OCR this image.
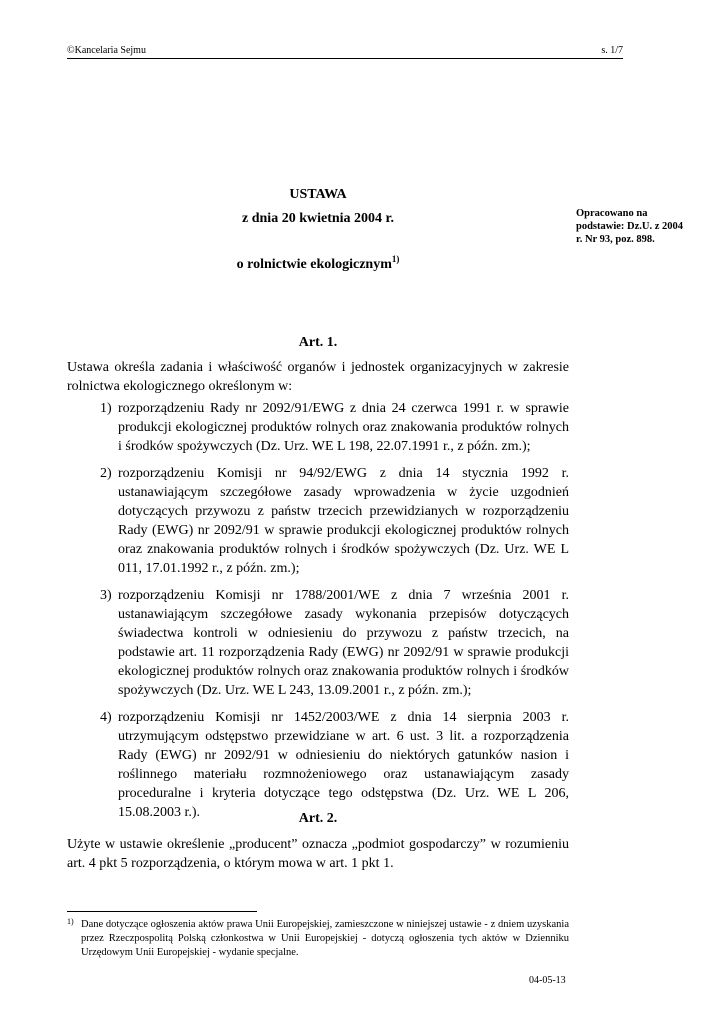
©Kancelaria Sejmu	s. 1/7
USTAWA
z dnia 20 kwietnia 2004 r.
o rolnictwie ekologicznym$^{1)}$
Opracowano na podstawie: Dz.U. z 2004 r. Nr 93, poz. 898.
Art. 1.

Ustawa określa zadania i właściwość organów i jednostek organizacyjnych w zakresie rolnictwa ekologicznego określonym w:

1) rozporządzeniu Rady nr 2092/91/EWG z dnia 24 czerwca 1991 r. w sprawie produkcji ekologicznej produktów rolnych oraz znakowania produktów rolnych i środków spożywczych (Dz. Urz. WE L 198, 22.07.1991 r., z późn. zm.);

2) rozporządzeniu Komisji nr 94/92/EWG z dnia 14 stycznia 1992 r. ustanawiającym szczegółowe zasady wprowadzenia w życie uzgodnień dotyczących przywozu z państw trzecich przewidzianych w rozporządzeniu Rady (EWG) nr 2092/91 w sprawie produkcji ekologicznej produktów rolnych oraz znakowania produktów rolnych i środków spożywczych (Dz. Urz. WE L 011, 17.01.1992 r., z późn. zm.);

3) rozporządzeniu Komisji nr 1788/2001/WE z dnia 7 września 2001 r. ustanawiającym szczegółowe zasady wykonania przepisów dotyczących świadectwa kontroli w odniesieniu do przywozu z państw trzecich, na podstawie art. 11 rozporządzenia Rady (EWG) nr 2092/91 w sprawie produkcji ekologicznej produktów rolnych oraz znakowania produktów rolnych i środków spożywczych (Dz. Urz. WE L 243, 13.09.2001 r., z późn. zm.);

4) rozporządzeniu Komisji nr 1452/2003/WE z dnia 14 sierpnia 2003 r. utrzymującym odstępstwo przewidziane w art. 6 ust. 3 lit. a rozporządzenia Rady (EWG) nr 2092/91 w odniesieniu do niektórych gatunków nasion i roślinnego materiału rozmnożeniowego oraz ustanawiającym zasady proceduralne i kryteria dotyczące tego odstępstwa (Dz. Urz. WE L 206, 15.08.2003 r.).	Art. 2.

Użyte w ustawie określenie „producent” oznacza „podmiot gospodarczy” w rozumieniu art. 4 pkt 5 rozporządzenia, o którym mowa w art. 1 pkt 1.

1) Dane dotyczące ogłoszenia aktów prawa Unii Europejskiej, zamieszczone w niniejszej ustawie - z dniem uzyskania przez Rzeczpospolitą Polską członkostwa w Unii Europejskiej - dotyczą ogłoszenia tych aktów w Dzienniku Urzędowym Unii Europejskiej - wydanie specjalne.

04-05-13
